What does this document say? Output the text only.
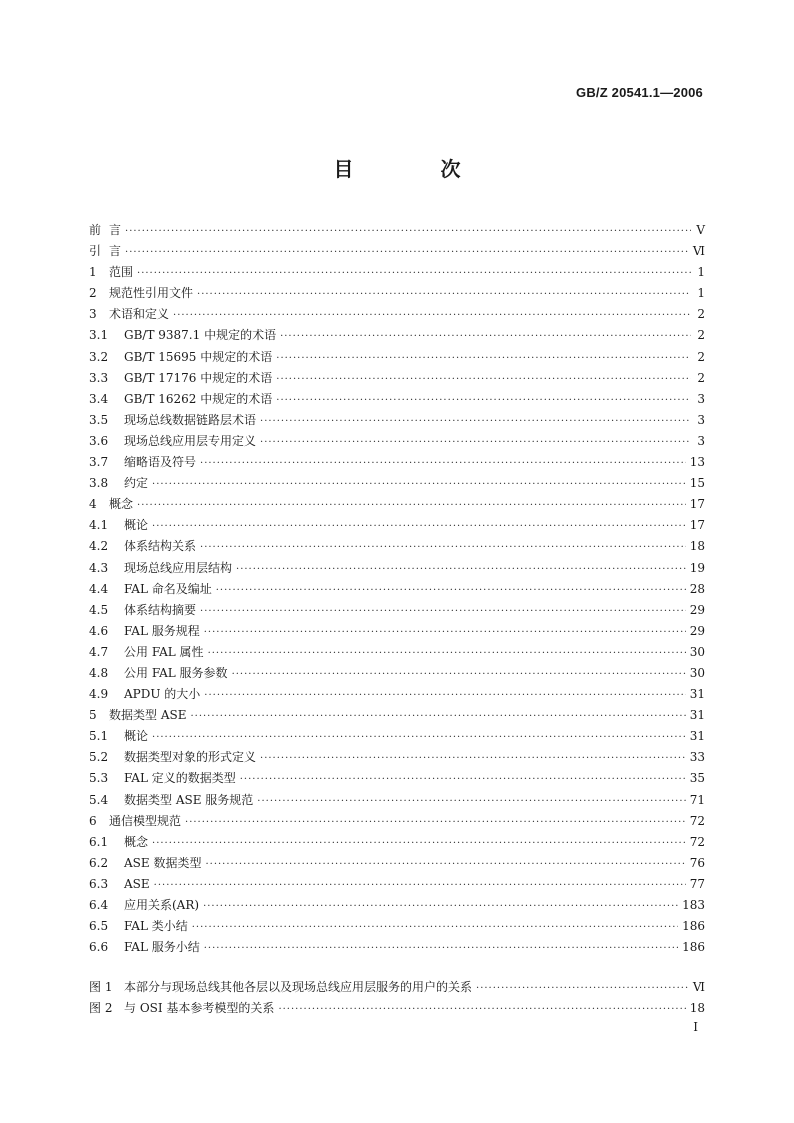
GB/Z 20541.1—2006
目 次
前 言 ·····	Ⅴ
引 言 ·····	Ⅵ
1	范围 ·····	1
2	规范性引用文件 ·····	1
3	术语和定义 ·····	2
3.1	GB/T 9387.1 中规定的术语 ·····	2
3.2	GB/T 15695 中规定的术语 ·····	2
3.3	GB/T 17176 中规定的术语 ·····	2
3.4	GB/T 16262 中规定的术语 ·····	3
3.5	现场总线数据链路层术语 ·····	3
3.6	现场总线应用层专用定义 ·····	3
3.7	缩略语及符号 ·····	13
3.8	约定 ·····	15
4	概念 ·····	17
4.1	概论 ·····	17
4.2	体系结构关系 ·····	18
4.3	现场总线应用层结构 ·····	19
4.4	FAL 命名及编址 ·····	28
4.5	体系结构摘要 ·····	29
4.6	FAL 服务规程 ·····	29
4.7	公用 FAL 属性 ·····	30
4.8	公用 FAL 服务参数 ·····	30
4.9	APDU 的大小 ·····	31
5	数据类型 ASE ·····	31
5.1	概论 ·····	31
5.2	数据类型对象的形式定义 ·····	33
5.3	FAL 定义的数据类型 ·····	35
5.4	数据类型 ASE 服务规范 ·····	71
6	通信模型规范 ·····	72
6.1	概念 ·····	72
6.2	ASE 数据类型 ·····	76
6.3	ASE ·····	77
6.4	应用关系(AR) ·····	183
6.5	FAL 类小结 ·····	186
6.6	FAL 服务小结 ·····	186
图 1 本部分与现场总线其他各层以及现场总线应用层服务的用户的关系 ·····	Ⅵ
图 2 与 OSI 基本参考模型的关系 ·····	18
Ⅰ
